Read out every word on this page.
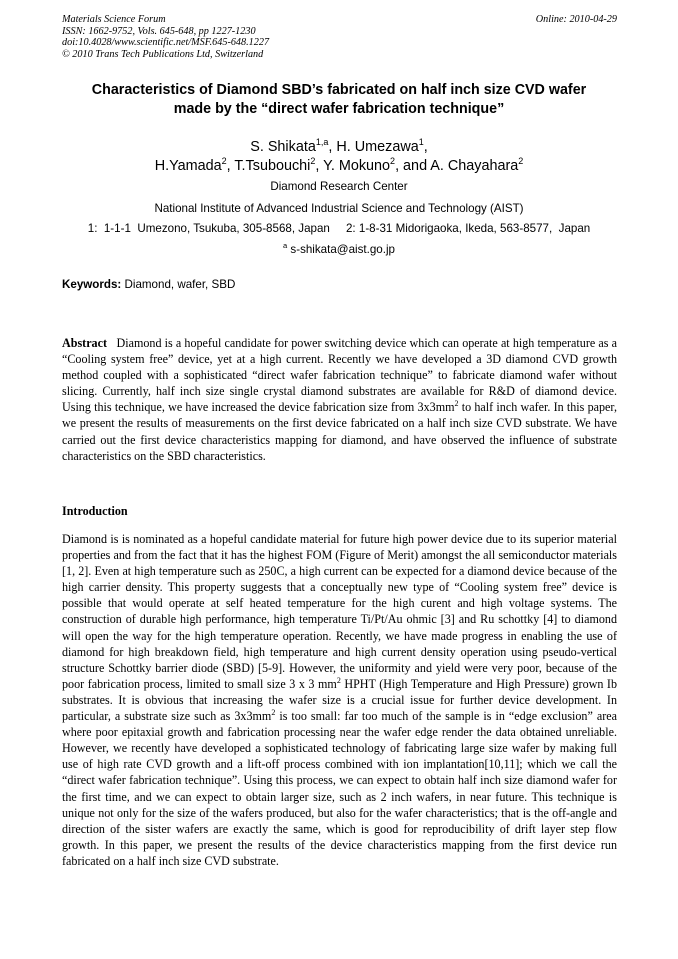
Materials Science Forum
ISSN: 1662-9752, Vols. 645-648, pp 1227-1230
doi:10.4028/www.scientific.net/MSF.645-648.1227
© 2010 Trans Tech Publications Ltd, Switzerland
Online: 2010-04-29
Characteristics of Diamond SBD’s fabricated on half inch size CVD wafer
made by the “direct wafer fabrication technique”
S. Shikata$^{1,a}$, H. Umezawa$^1$,
H.Yamada$^2$, T.Tsubouchi$^2$, Y. Mokuno$^2$, and A. Chayahara$^2$
Diamond Research Center
National Institute of Advanced Industrial Science and Technology (AIST)
1:  1-1-1  Umezono, Tsukuba, 305-8568, Japan     2: 1-8-31 Midorigaoka, Ikeda, 563-8577,  Japan
$^a$ s-shikata@aist.go.jp
Keywords: Diamond, wafer, SBD
Abstract   Diamond is a hopeful candidate for power switching device which can operate at high temperature as a “Cooling system free” device, yet at a high current. Recently we have developed a 3D diamond CVD growth method coupled with a sophisticated “direct wafer fabrication technique” to fabricate diamond wafer without slicing. Currently, half inch size single crystal diamond substrates are available for R&D of diamond device. Using this technique, we have increased the device fabrication size from $3x3mm^2$ to half inch wafer. In this paper, we present the results of measurements on the first device fabricated on a half inch size CVD substrate. We have carried out the first device characteristics mapping for diamond, and have observed the influence of substrate characteristics on the SBD characteristics.
Introduction
Diamond is is nominated as a hopeful candidate material for future high power device due to its superior material properties and from the fact that it has the highest FOM (Figure of Merit) amongst the all semiconductor materials [1, 2]. Even at high temperature such as 250C, a high current can be expected for a diamond device because of the high carrier density. This property suggests that a conceptually new type of “Cooling system free” device is possible that would operate at self heated temperature for the high curent and high voltage systems. The construction of durable high performance, high temperature Ti/Pt/Au ohmic [3] and Ru schottky [4] to diamond will open the way for the high temperature operation. Recently, we have made progress in enabling the use of diamond for high breakdown field, high temperature and high current density operation using pseudo-vertical structure Schottky barrier diode (SBD) [5-9]. However, the uniformity and yield were very poor, because of the poor fabrication process, limited to small size 3 x 3 $mm^2$ HPHT (High Temperature and High Pressure) grown Ib substrates. It is obvious that increasing the wafer size is a crucial issue for further device development. In particular, a substrate size such as $3x3mm^2$ is too small: far too much of the sample is in “edge exclusion” area where poor epitaxial growth and fabrication processing near the wafer edge render the data obtained unreliable. However, we recently have developed a sophisticated technology of fabricating large size wafer by making full use of high rate CVD growth and a lift-off process combined with ion implantation[10,11]; which we call the “direct wafer fabrication technique”. Using this process, we can expect to obtain half inch size diamond wafer for the first time, and we can expect to obtain larger size, such as 2 inch wafers, in near future. This technique is unique not only for the size of the wafers produced, but also for the wafer characteristics; that is the off-angle and direction of the sister wafers are exactly the same, which is good for reproducibility of drift layer step flow growth. In this paper, we present the results of the device characteristics mapping from the first device run fabricated on a half inch size CVD substrate.
